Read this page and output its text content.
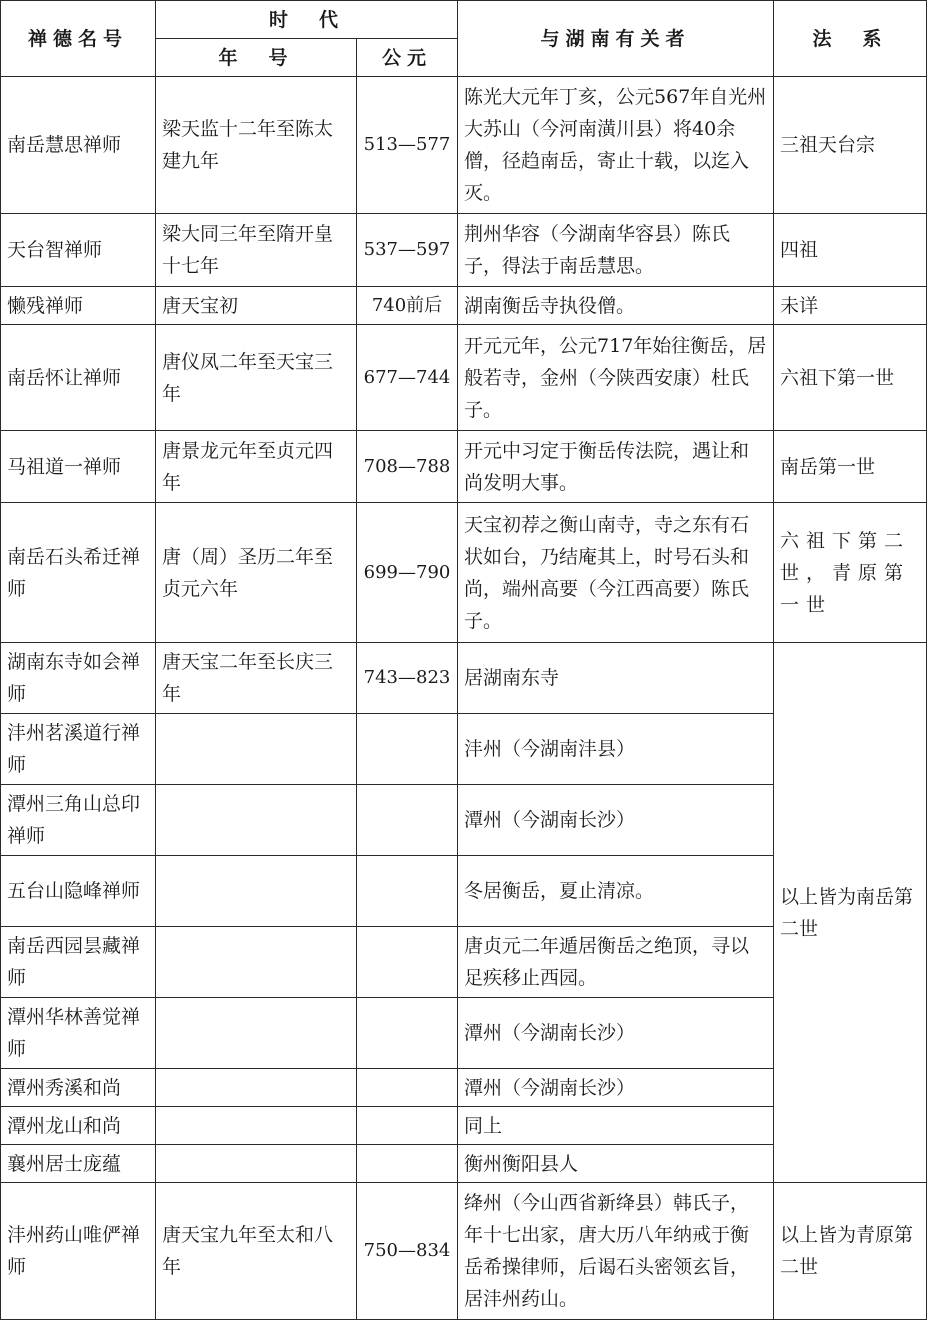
禅德名号	时　代		与湖南有关者	法　系
	年　号	公元		
南岳慧思禅师	梁天监十二年至陈太建九年	513—577	陈光大元年丁亥，公元567年自光州大苏山（今河南潢川县）将40余僧，径趋南岳，寄止十载，以迄入灭。	三祖天台宗
天台智禅师	梁大同三年至隋开皇十七年	537—597	荆州华容（今湖南华容县）陈氏子，得法于南岳慧思。	四祖
懒残禅师	唐天宝初	740前后	湖南衡岳寺执役僧。	未详
南岳怀让禅师	唐仪凤二年至天宝三年	677—744	开元元年，公元717年始往衡岳，居般若寺，金州（今陕西安康）杜氏子。	六祖下第一世
马祖道一禅师	唐景龙元年至贞元四年	708—788	开元中习定于衡岳传法院，遇让和尚发明大事。	南岳第一世
南岳石头希迁禅师	唐（周）圣历二年至贞元六年	699—790	天宝初荐之衡山南寺，寺之东有石状如台，乃结庵其上，时号石头和尚，端州高要（今江西高要）陈氏子。	六祖下第二世，青原第一世
湖南东寺如会禅师	唐天宝二年至长庆三年	743—823	居湖南东寺	以上皆为南岳第二世
沣州茗溪道行禅师			沣州（今湖南沣县）	
潭州三角山总印禅师			潭州（今湖南长沙）	
五台山隐峰禅师			冬居衡岳，夏止清凉。	
南岳西园昙藏禅师			唐贞元二年遁居衡岳之绝顶，寻以足疾移止西园。	
潭州华林善觉禅师			潭州（今湖南长沙）	
潭州秀溪和尚			潭州（今湖南长沙）	
潭州龙山和尚			同上	
襄州居士庞蕴			衡州衡阳县人	
沣州药山唯俨禅师	唐天宝九年至太和八年	750—834	绛州（今山西省新绛县）韩氏子，年十七出家，唐大历八年纳戒于衡岳希操律师，后谒石头密领玄旨，居沣州药山。	以上皆为青原第二世
